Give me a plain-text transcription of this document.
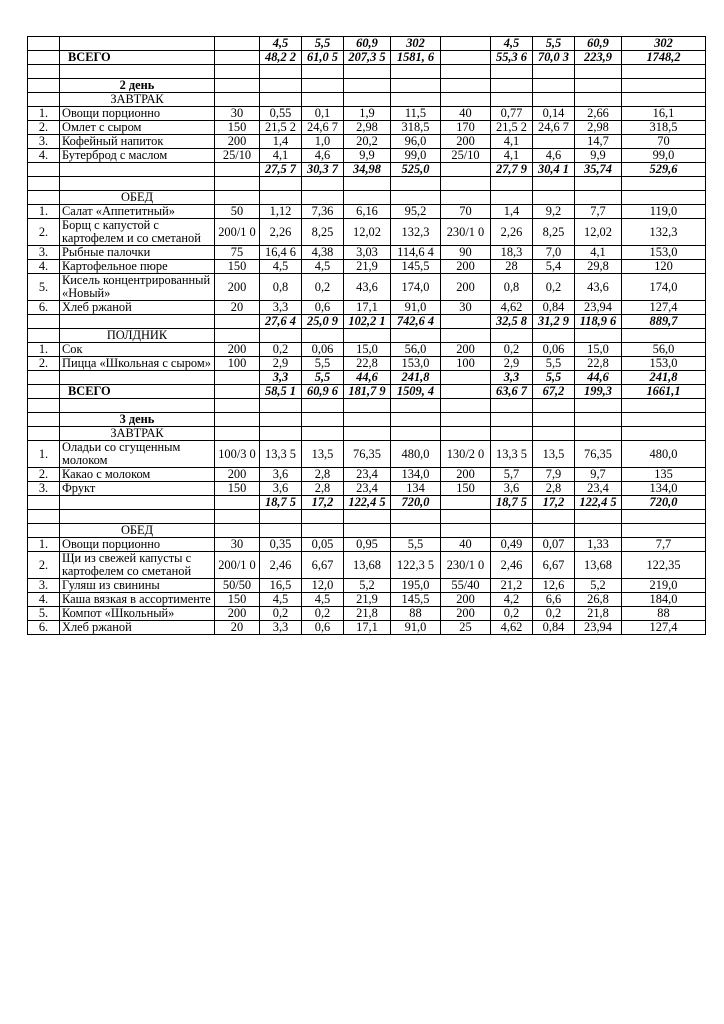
			4,5	5,5	60,9	302		4,5	5,5	60,9	302
	ВСЕГО		48,2 2	61,0 5	207,3 5	1581, 6		55,3 6	70,0 3	223,9	1748,2

	2 день										
	ЗАВТРАК										
1.	Овощи порционно	30	0,55	0,1	1,9	11,5	40	0,77	0,14	2,66	16,1
2.	Омлет с сыром	150	21,5 2	24,6 7	2,98	318,5	170	21,5 2	24,6 7	2,98	318,5
3.	Кофейный напиток	200	1,4	1,0	20,2	96,0	200	4,1		14,7	70
4.	Бутерброд с маслом	25/10	4,1	4,6	9,9	99,0	25/10	4,1	4,6	9,9	99,0
			27,5 7	30,3 7	34,98	525,0		27,7 9	30,4 1	35,74	529,6

	ОБЕД										
1.	Салат «Аппетитный»	50	1,12	7,36	6,16	95,2	70	1,4	9,2	7,7	119,0
2.	Борщ с капустой с картофелем и со сметаной	200/1 0	2,26	8,25	12,02	132,3	230/1 0	2,26	8,25	12,02	132,3
3.	Рыбные палочки	75	16,4 6	4,38	3,03	114,6 4	90	18,3	7,0	4,1	153,0
4.	Картофельное пюре	150	4,5	4,5	21,9	145,5	200	28	5,4	29,8	120
5.	Кисель концентрированный «Новый»	200	0,8	0,2	43,6	174,0	200	0,8	0,2	43,6	174,0
6.	Хлеб ржаной	20	3,3	0,6	17,1	91,0	30	4,62	0,84	23,94	127,4
			27,6 4	25,0 9	102,2 1	742,6 4		32,5 8	31,2 9	118,9 6	889,7
	ПОЛДНИК										
1.	Сок	200	0,2	0,06	15,0	56,0	200	0,2	0,06	15,0	56,0
2.	Пицца «Школьная с сыром»	100	2,9	5,5	22,8	153,0	100	2,9	5,5	22,8	153,0
			3,3	5,5	44,6	241,8		3,3	5,5	44,6	241,8
	ВСЕГО		58,5 1	60,9 6	181,7 9	1509, 4		63,6 7	67,2	199,3	1661,1

	3 день										
	ЗАВТРАК										
1.	Оладьи со сгущенным молоком	100/3 0	13,3 5	13,5	76,35	480,0	130/2 0	13,3 5	13,5	76,35	480,0
2.	Какао с молоком	200	3,6	2,8	23,4	134,0	200	5,7	7,9	9,7	135
3.	Фрукт	150	3,6	2,8	23,4	134	150	3,6	2,8	23,4	134,0
			18,7 5	17,2	122,4 5	720,0		18,7 5	17,2	122,4 5	720,0

	ОБЕД										
1.	Овощи порционно	30	0,35	0,05	0,95	5,5	40	0,49	0,07	1,33	7,7
2.	Щи из свежей капусты с картофелем со сметаной	200/1 0	2,46	6,67	13,68	122,3 5	230/1 0	2,46	6,67	13,68	122,35
3.	Гуляш из свинины	50/50	16,5	12,0	5,2	195,0	55/40	21,2	12,6	5,2	219,0
4.	Каша вязкая в ассортименте	150	4,5	4,5	21,9	145,5	200	4,2	6,6	26,8	184,0
5.	Компот «Школьный»	200	0,2	0,2	21,8	88	200	0,2	0,2	21,8	88
6.	Хлеб ржаной	20	3,3	0,6	17,1	91,0	25	4,62	0,84	23,94	127,4
